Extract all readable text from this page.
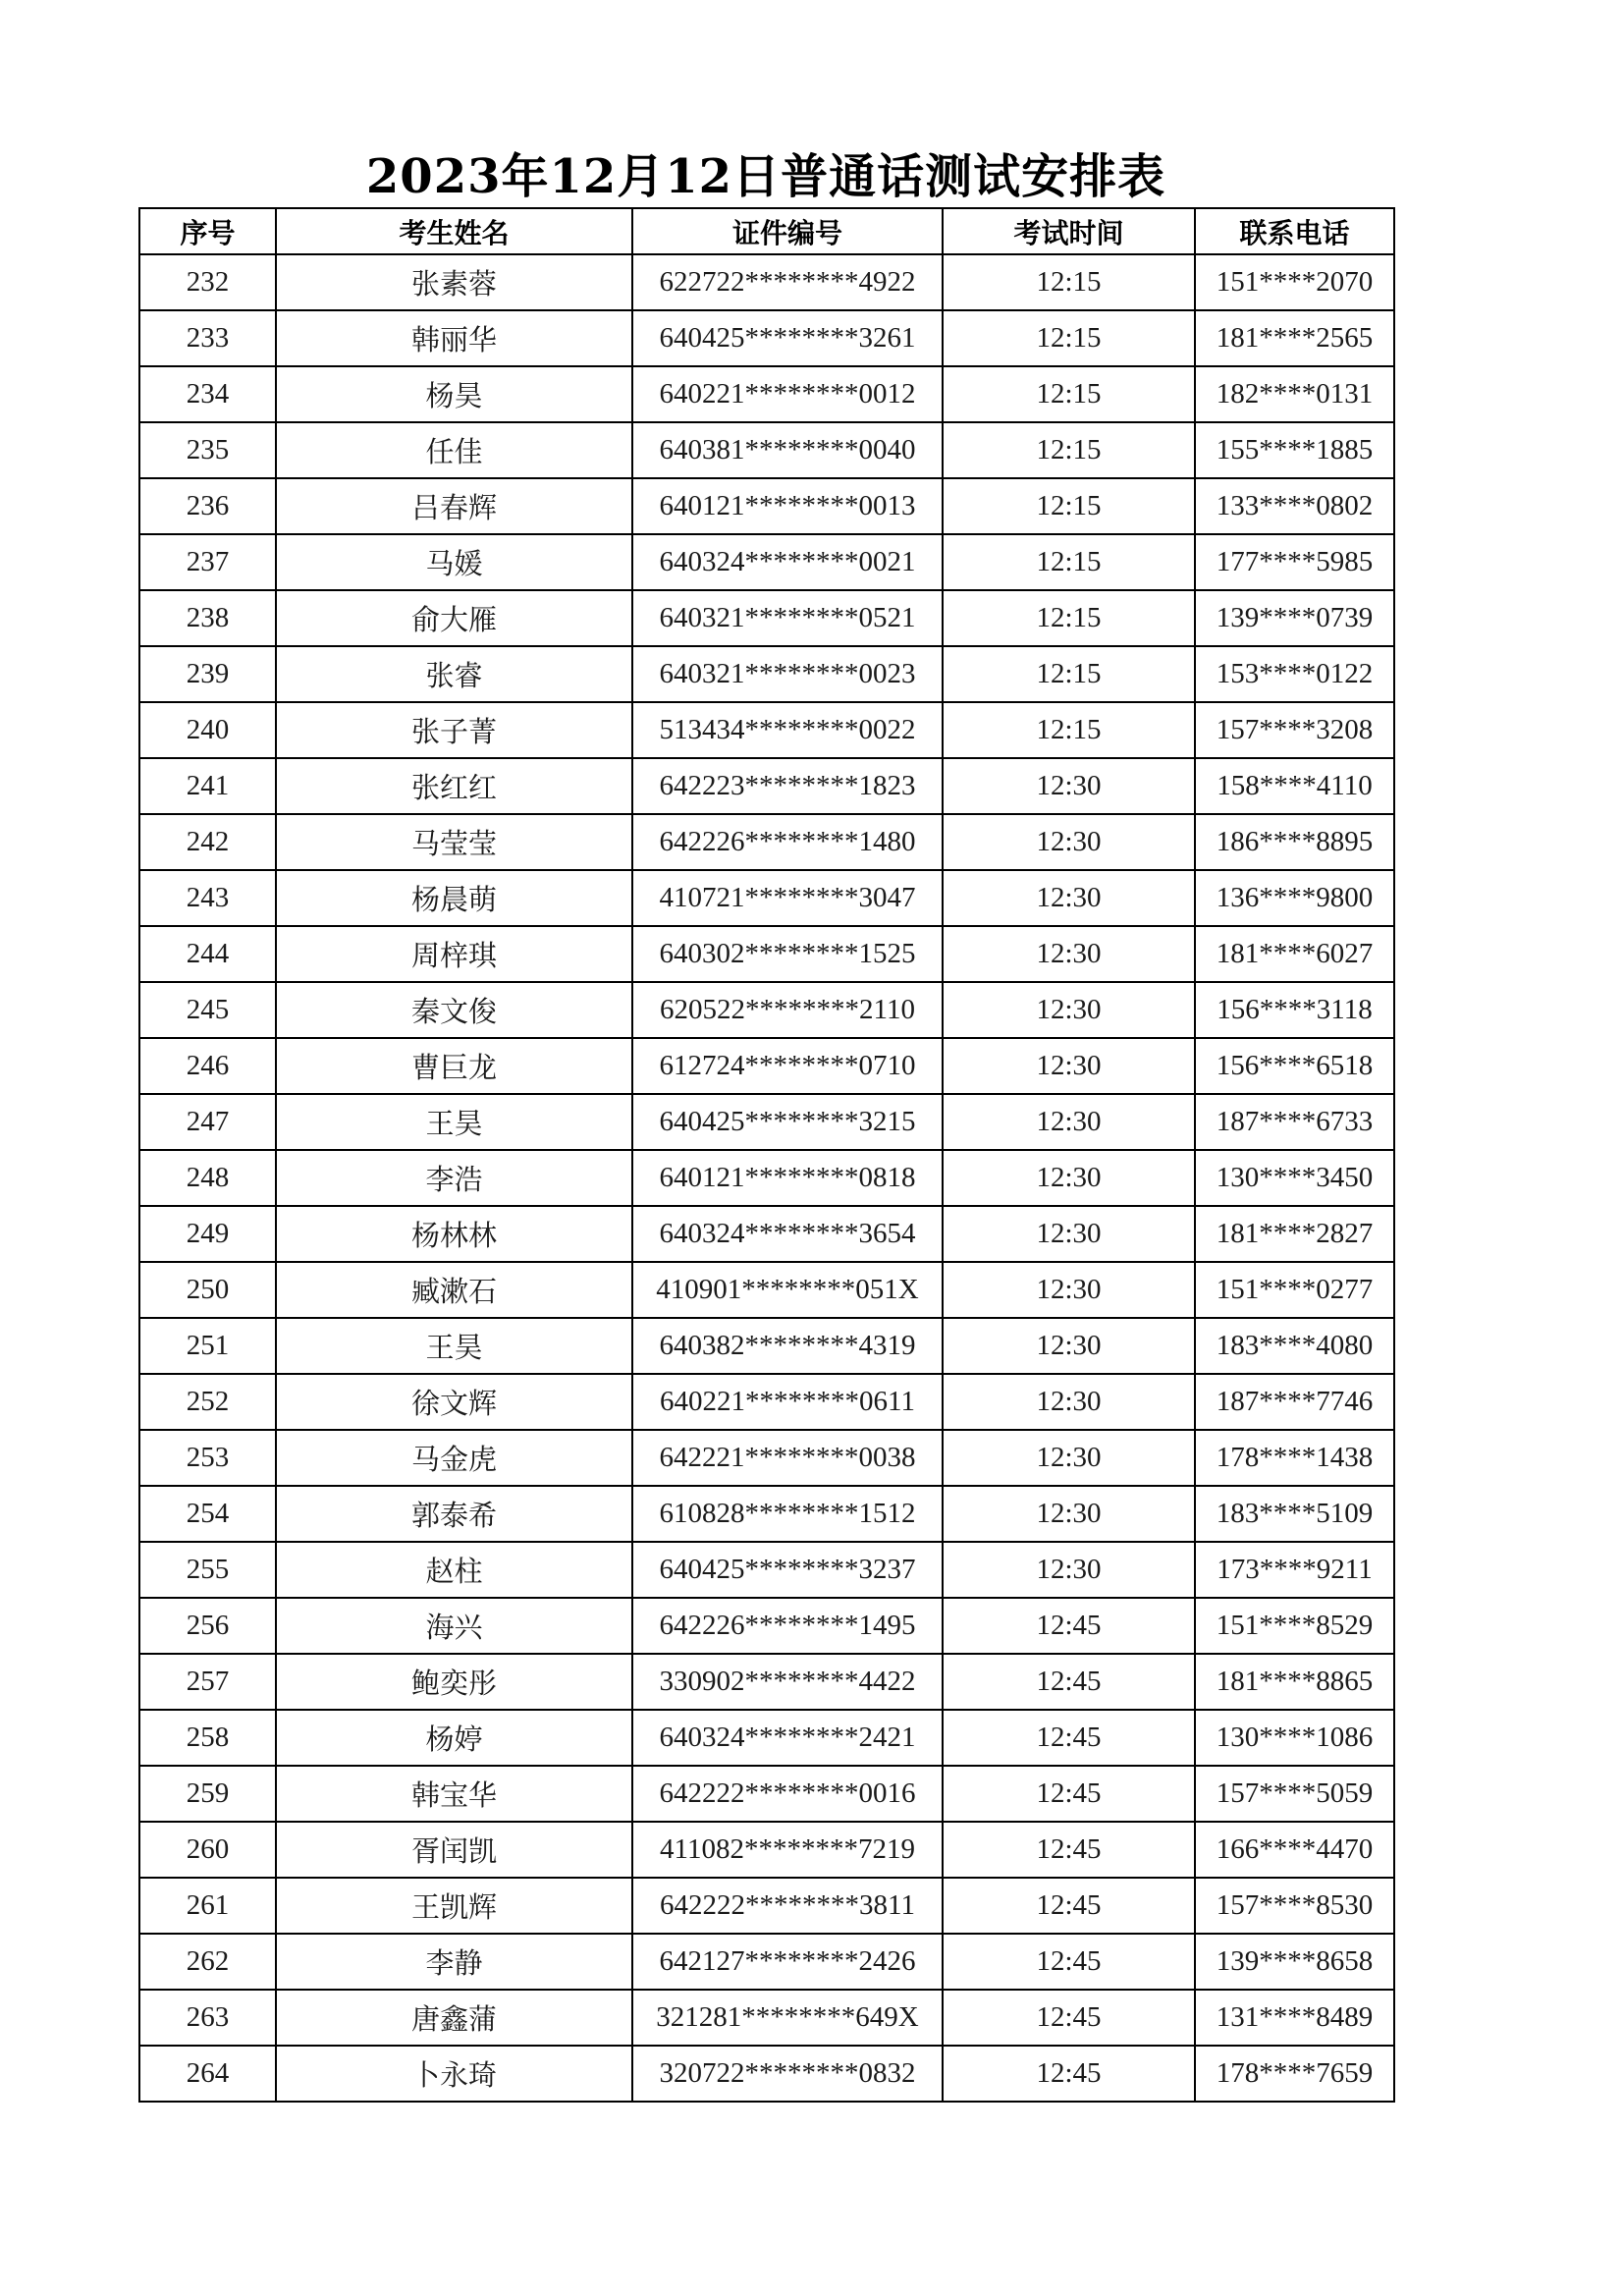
2023年12月12日普通话测试安排表
序号	考生姓名	证件编号	考试时间	联系电话
232	张素蓉	622722********4922	12:15	151****2070
233	韩丽华	640425********3261	12:15	181****2565
234	杨昊	640221********0012	12:15	182****0131
235	任佳	640381********0040	12:15	155****1885
236	吕春辉	640121********0013	12:15	133****0802
237	马媛	640324********0021	12:15	177****5985
238	俞大雁	640321********0521	12:15	139****0739
239	张睿	640321********0023	12:15	153****0122
240	张子菁	513434********0022	12:15	157****3208
241	张红红	642223********1823	12:30	158****4110
242	马莹莹	642226********1480	12:30	186****8895
243	杨晨萌	410721********3047	12:30	136****9800
244	周梓琪	640302********1525	12:30	181****6027
245	秦文俊	620522********2110	12:30	156****3118
246	曹巨龙	612724********0710	12:30	156****6518
247	王昊	640425********3215	12:30	187****6733
248	李浩	640121********0818	12:30	130****3450
249	杨林林	640324********3654	12:30	181****2827
250	臧漱石	410901********051X	12:30	151****0277
251	王昊	640382********4319	12:30	183****4080
252	徐文辉	640221********0611	12:30	187****7746
253	马金虎	642221********0038	12:30	178****1438
254	郭泰希	610828********1512	12:30	183****5109
255	赵柱	640425********3237	12:30	173****9211
256	海兴	642226********1495	12:45	151****8529
257	鲍奕彤	330902********4422	12:45	181****8865
258	杨婷	640324********2421	12:45	130****1086
259	韩宝华	642222********0016	12:45	157****5059
260	胥闰凯	411082********7219	12:45	166****4470
261	王凯辉	642222********3811	12:45	157****8530
262	李静	642127********2426	12:45	139****8658
263	唐鑫蒲	321281********649X	12:45	131****8489
264	卜永琦	320722********0832	12:45	178****7659
